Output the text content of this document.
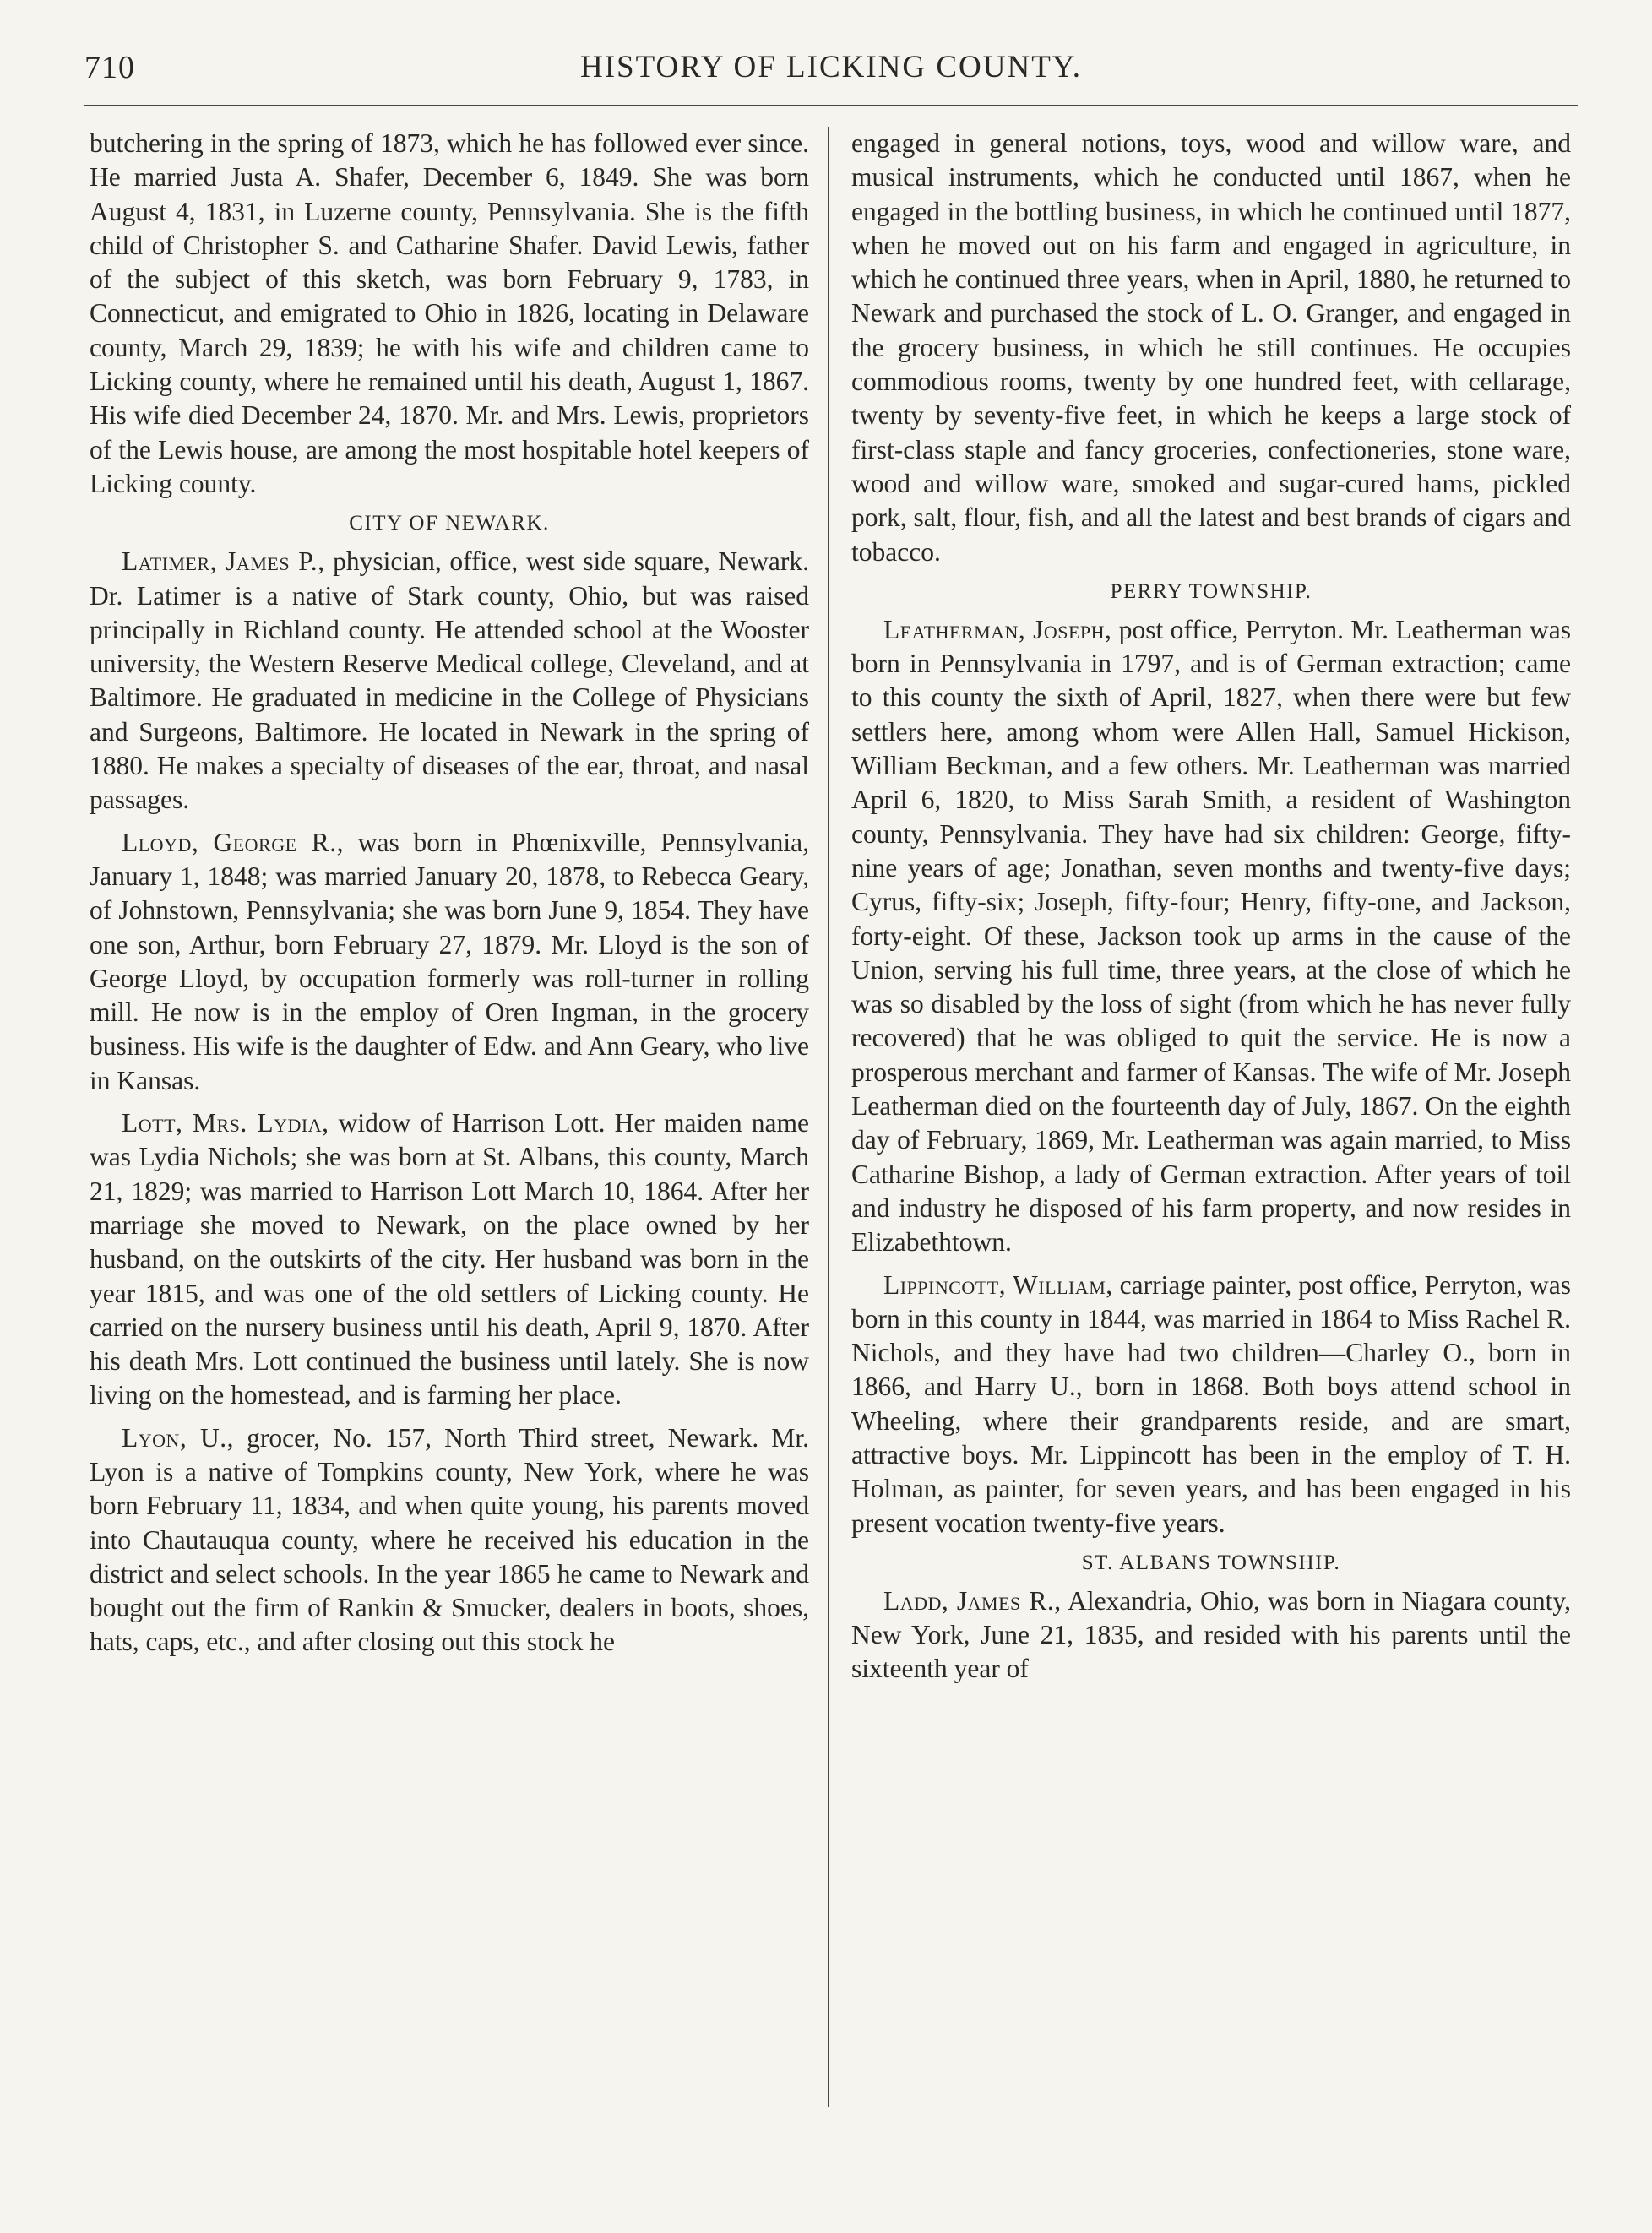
710	HISTORY OF LICKING COUNTY.

butchering in the spring of 1873, which he has followed ever since. He married Justa A. Shafer, December 6, 1849. She was born August 4, 1831, in Luzerne county, Pennsylvania. She is the fifth child of Christopher S. and Catharine Shafer. David Lewis, father of the subject of this sketch, was born February 9, 1783, in Connecticut, and emigrated to Ohio in 1826, locating in Delaware county, March 29, 1839; he with his wife and children came to Licking county, where he remained until his death, August 1, 1867. His wife died December 24, 1870. Mr. and Mrs. Lewis, proprietors of the Lewis house, are among the most hospitable hotel keepers of Licking county.

CITY OF NEWARK.

Latimer, James P., physician, office, west side square, Newark. Dr. Latimer is a native of Stark county, Ohio, but was raised principally in Richland county. He attended school at the Wooster university, the Western Reserve Medical college, Cleveland, and at Baltimore. He graduated in medicine in the College of Physicians and Surgeons, Baltimore. He located in Newark in the spring of 1880. He makes a specialty of diseases of the ear, throat, and nasal passages.

Lloyd, George R., was born in Phœnixville, Pennsylvania, January 1, 1848; was married January 20, 1878, to Rebecca Geary, of Johnstown, Pennsylvania; she was born June 9, 1854. They have one son, Arthur, born February 27, 1879. Mr. Lloyd is the son of George Lloyd, by occupation formerly was roll-turner in rolling mill. He now is in the employ of Oren Ingman, in the grocery business. His wife is the daughter of Edw. and Ann Geary, who live in Kansas.

Lott, Mrs. Lydia, widow of Harrison Lott. Her maiden name was Lydia Nichols; she was born at St. Albans, this county, March 21, 1829; was married to Harrison Lott March 10, 1864. After her marriage she moved to Newark, on the place owned by her husband, on the outskirts of the city. Her husband was born in the year 1815, and was one of the old settlers of Licking county. He carried on the nursery business until his death, April 9, 1870. After his death Mrs. Lott continued the business until lately. She is now living on the homestead, and is farming her place.

Lyon, U., grocer, No. 157, North Third street, Newark. Mr. Lyon is a native of Tompkins county, New York, where he was born February 11, 1834, and when quite young, his parents moved into Chautauqua county, where he received his education in the district and select schools. In the year 1865 he came to Newark and bought out the firm of Rankin & Smucker, dealers in boots, shoes, hats, caps, etc., and after closing out this stock he

engaged in general notions, toys, wood and willow ware, and musical instruments, which he conducted until 1867, when he engaged in the bottling business, in which he continued until 1877, when he moved out on his farm and engaged in agriculture, in which he continued three years, when in April, 1880, he returned to Newark and purchased the stock of L. O. Granger, and engaged in the grocery business, in which he still continues. He occupies commodious rooms, twenty by one hundred feet, with cellarage, twenty by seventy-five feet, in which he keeps a large stock of first-class staple and fancy groceries, confectioneries, stone ware, wood and willow ware, smoked and sugar-cured hams, pickled pork, salt, flour, fish, and all the latest and best brands of cigars and tobacco.

PERRY TOWNSHIP.

Leatherman, Joseph, post office, Perryton. Mr. Leatherman was born in Pennsylvania in 1797, and is of German extraction; came to this county the sixth of April, 1827, when there were but few settlers here, among whom were Allen Hall, Samuel Hickison, William Beckman, and a few others. Mr. Leatherman was married April 6, 1820, to Miss Sarah Smith, a resident of Washington county, Pennsylvania. They have had six children: George, fifty-nine years of age; Jonathan, seven months and twenty-five days; Cyrus, fifty-six; Joseph, fifty-four; Henry, fifty-one, and Jackson, forty-eight. Of these, Jackson took up arms in the cause of the Union, serving his full time, three years, at the close of which he was so disabled by the loss of sight (from which he has never fully recovered) that he was obliged to quit the service. He is now a prosperous merchant and farmer of Kansas. The wife of Mr. Joseph Leatherman died on the fourteenth day of July, 1867. On the eighth day of February, 1869, Mr. Leatherman was again married, to Miss Catharine Bishop, a lady of German extraction. After years of toil and industry he disposed of his farm property, and now resides in Elizabethtown.

Lippincott, William, carriage painter, post office, Perryton, was born in this county in 1844, was married in 1864 to Miss Rachel R. Nichols, and they have had two children—Charley O., born in 1866, and Harry U., born in 1868. Both boys attend school in Wheeling, where their grandparents reside, and are smart, attractive boys. Mr. Lippincott has been in the employ of T. H. Holman, as painter, for seven years, and has been engaged in his present vocation twenty-five years.

ST. ALBANS TOWNSHIP.

Ladd, James R., Alexandria, Ohio, was born in Niagara county, New York, June 21, 1835, and resided with his parents until the sixteenth year of
